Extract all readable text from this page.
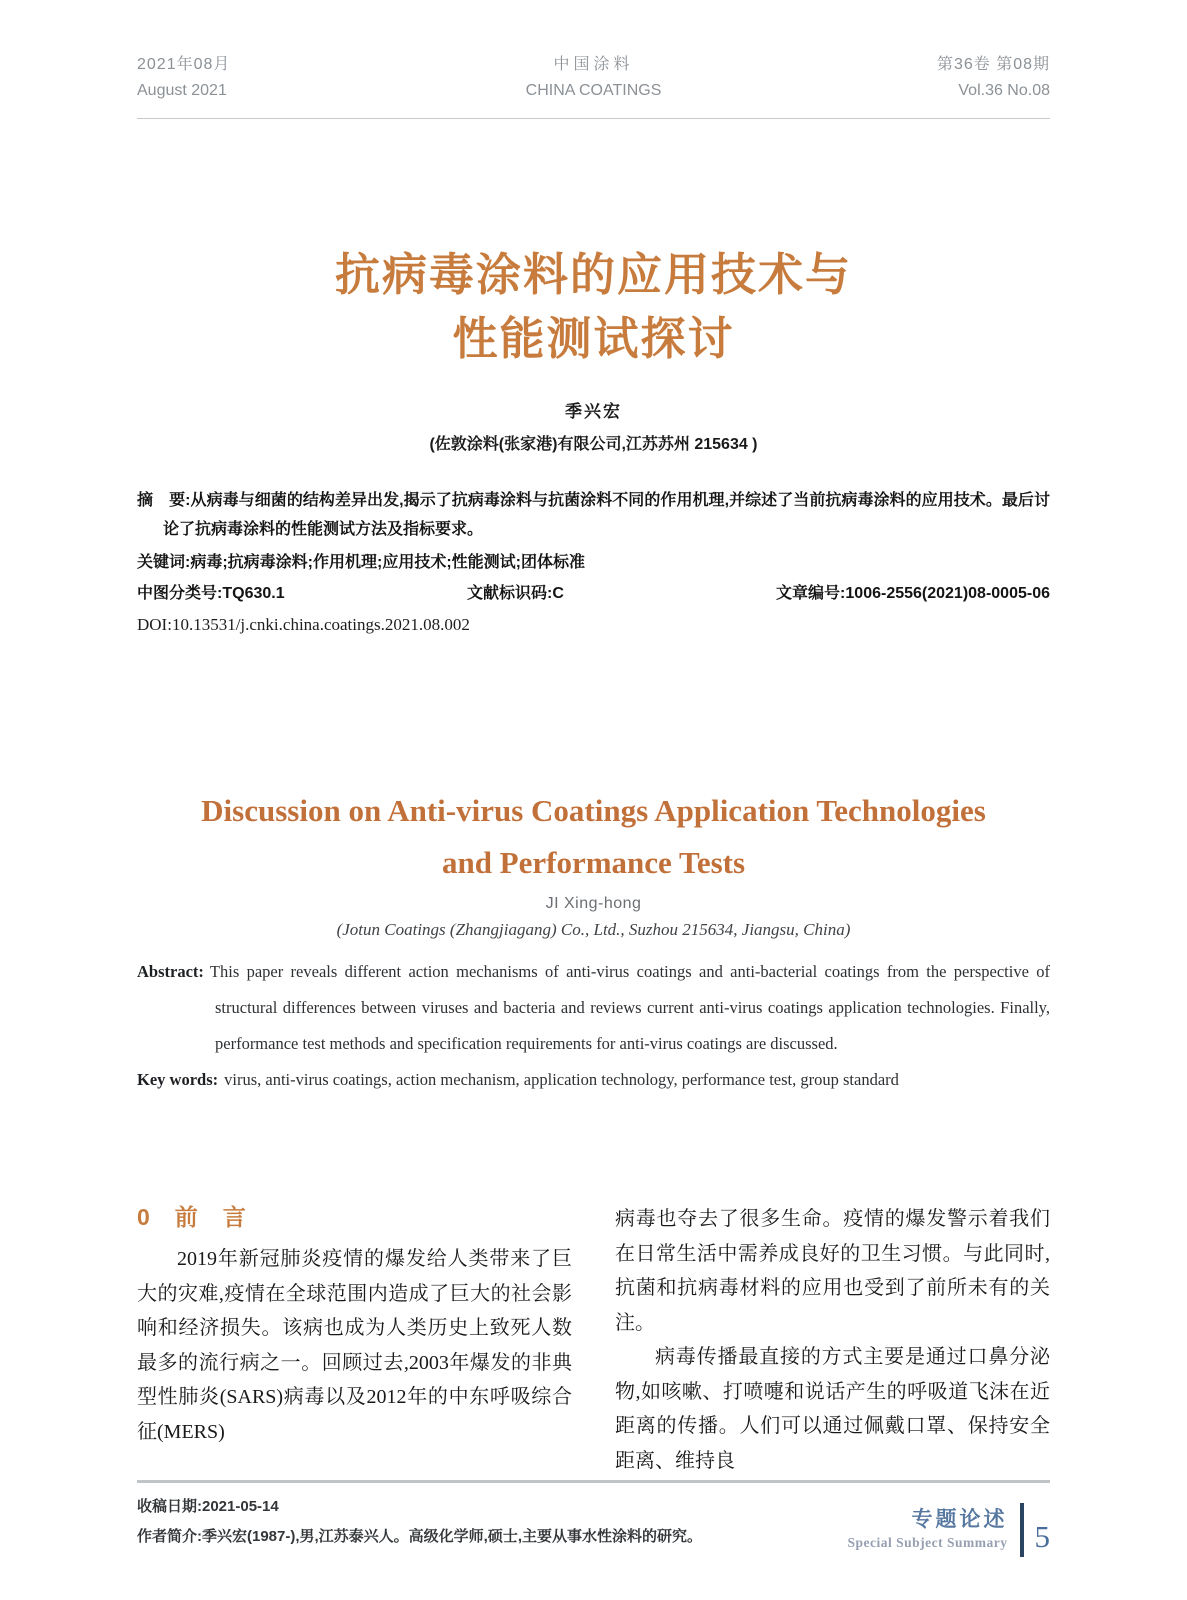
2021年08月
August 2021
中国涂料
CHINA COATINGS
第36卷 第08期
Vol.36 No.08
抗病毒涂料的应用技术与
性能测试探讨
季兴宏
(佐敦涂料(张家港)有限公司,江苏苏州 215634 )
摘 要:从病毒与细菌的结构差异出发,揭示了抗病毒涂料与抗菌涂料不同的作用机理,并综述了当前抗病毒涂料的应用技术。最后讨论了抗病毒涂料的性能测试方法及指标要求。
关键词:病毒;抗病毒涂料;作用机理;应用技术;性能测试;团体标准
中图分类号:TQ630.1	文献标识码:C	文章编号:1006-2556(2021)08-0005-06
DOI:10.13531/j.cnki.china.coatings.2021.08.002
Discussion on Anti-virus Coatings Application Technologies
and Performance Tests
JI Xing-hong
(Jotun Coatings (Zhangjiagang) Co., Ltd., Suzhou 215634, Jiangsu, China)
Abstract: This paper reveals different action mechanisms of anti-virus coatings and anti-bacterial coatings from the perspective of structural differences between viruses and bacteria and reviews current anti-virus coatings application technologies. Finally, performance test methods and specification requirements for anti-virus coatings are discussed.
Key words: virus, anti-virus coatings, action mechanism, application technology, performance test, group standard
0 前 言
2019年新冠肺炎疫情的爆发给人类带来了巨大的灾难,疫情在全球范围内造成了巨大的社会影响和经济损失。该病也成为人类历史上致死人数最多的流行病之一。回顾过去,2003年爆发的非典型性肺炎(SARS)病毒以及2012年的中东呼吸综合征(MERS)
病毒也夺去了很多生命。疫情的爆发警示着我们在日常生活中需养成良好的卫生习惯。与此同时,抗菌和抗病毒材料的应用也受到了前所未有的关注。
病毒传播最直接的方式主要是通过口鼻分泌物,如咳嗽、打喷嚏和说话产生的呼吸道飞沫在近距离的传播。人们可以通过佩戴口罩、保持安全距离、维持良
收稿日期:2021-05-14
作者简介:季兴宏(1987-),男,江苏泰兴人。高级化学师,硕士,主要从事水性涂料的研究。
专题论述
Special Subject Summary 5
